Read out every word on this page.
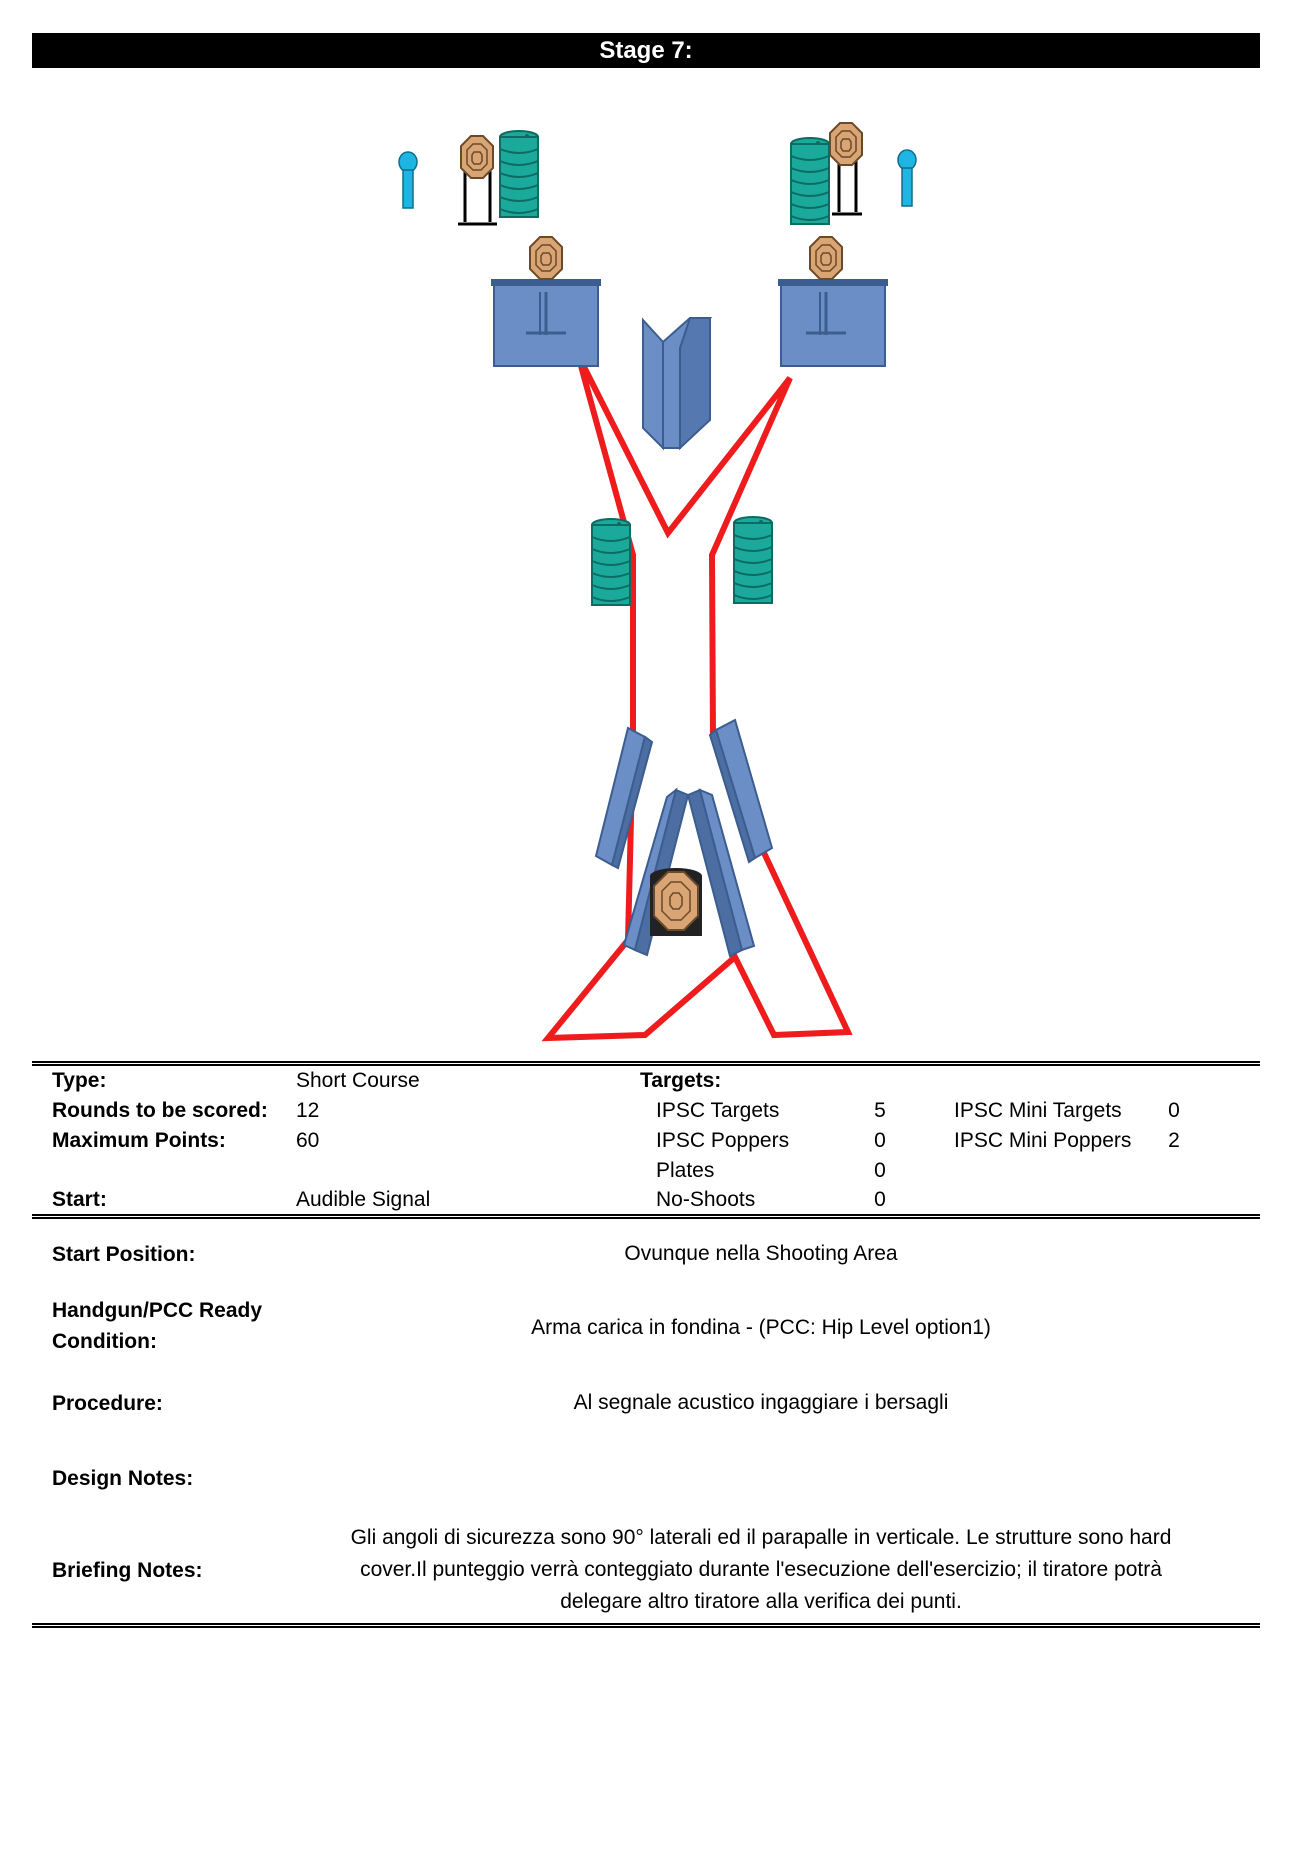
Stage 7:
Type:	Short Course	Targets:
Rounds to be scored: 12	IPSC Targets	5	IPSC Mini Targets 0
Maximum Points:	60	IPSC Poppers	0	IPSC Mini Poppers 2
Plates	0
Start:	Audible Signal	No-Shoots	0
Start Position:	Ovunque nella Shooting Area
Handgun/PCC Ready
Condition:
Arma carica in fondina - (PCC: Hip Level option1)
Procedure:	Al segnale acustico ingaggiare i bersagli
Design Notes:
Briefing Notes:
Gli angoli di sicurezza sono 90° laterali ed il parapalle in verticale. Le strutture sono hard
cover.Il punteggio verrà conteggiato durante l'esecuzione dell'esercizio; il tiratore potrà
delegare altro tiratore alla verifica dei punti.
